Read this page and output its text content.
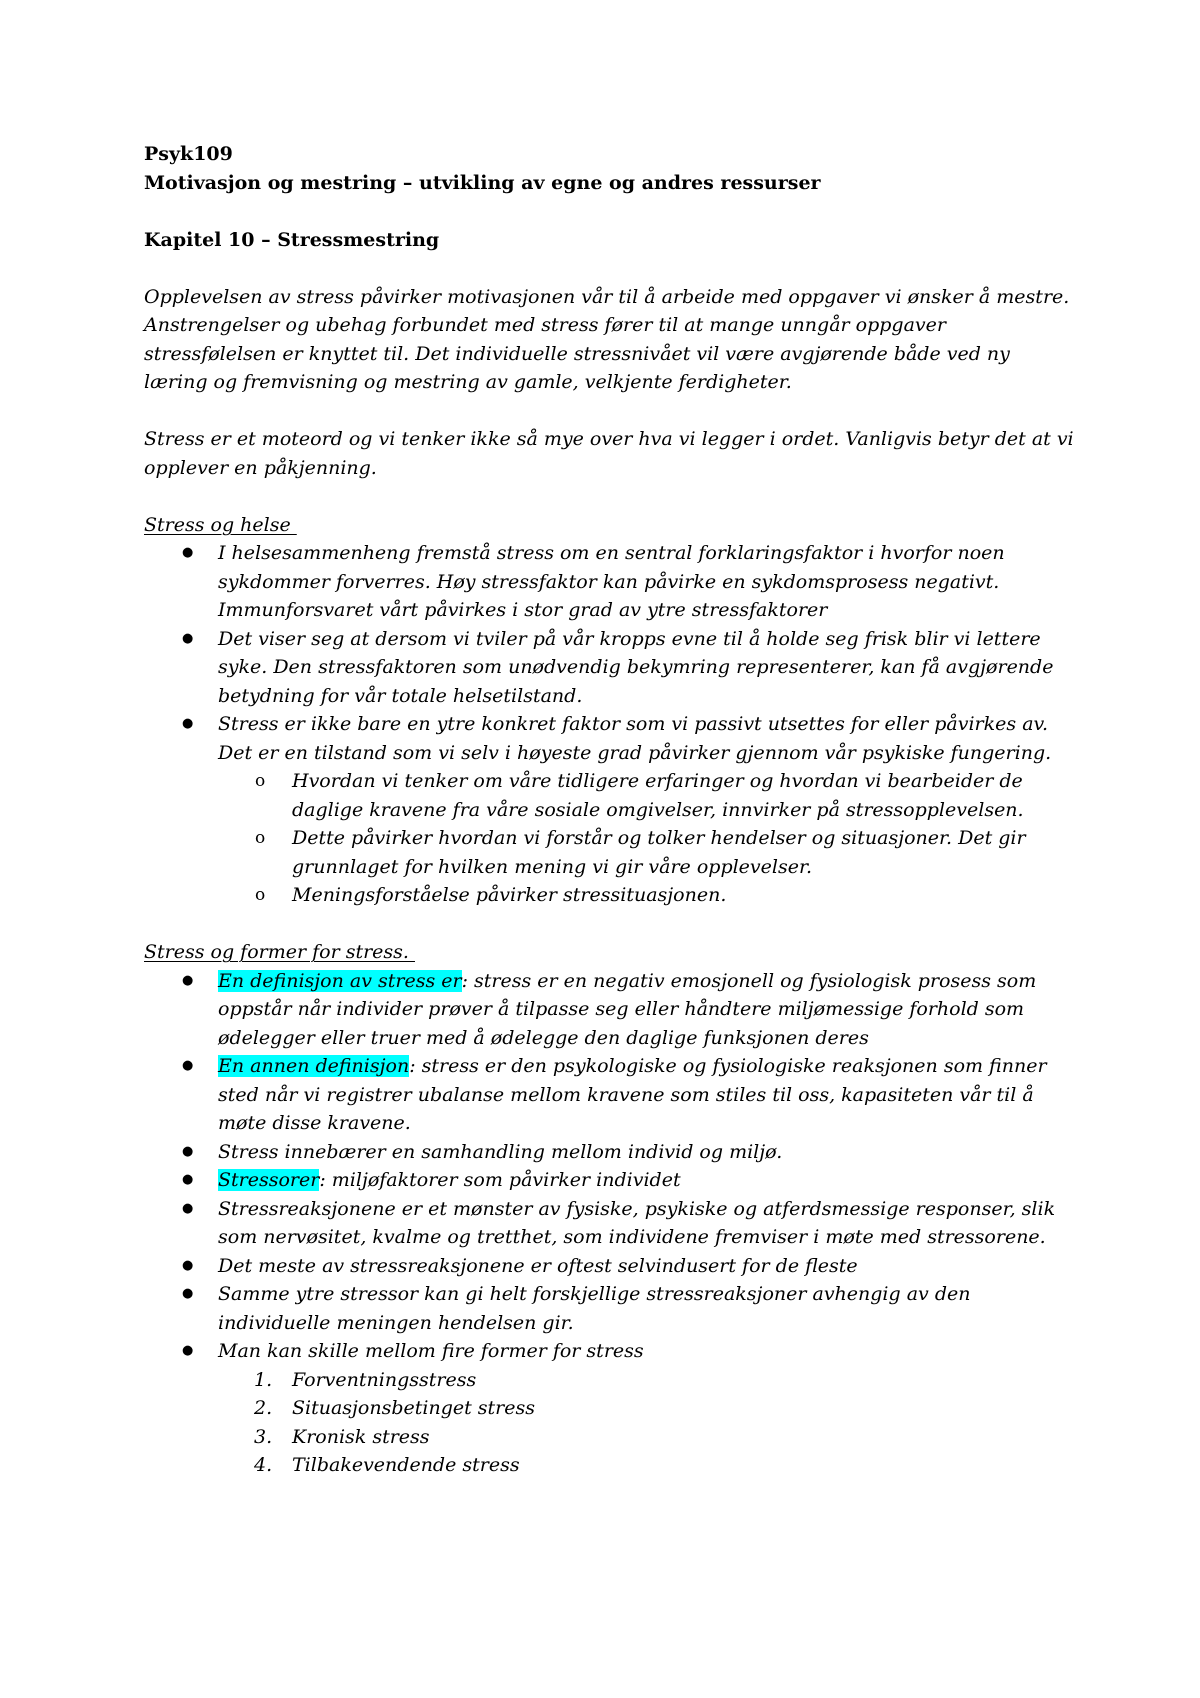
Psyk109
Motivasjon og mestring – utvikling av egne og andres ressurser
Kapitel 10 – Stressmestring

Opplevelsen av stress påvirker motivasjonen vår til å arbeide med oppgaver vi ønsker å mestre. Anstrengelser og ubehag forbundet med stress fører til at mange unngår oppgaver stressfølelsen er knyttet til. Det individuelle stressnivået vil være avgjørende både ved ny læring og fremvisning og mestring av gamle, velkjente ferdigheter.

Stress er et moteord og vi tenker ikke så mye over hva vi legger i ordet. Vanligvis betyr det at vi opplever en påkjenning.

Stress og helse
● I helsesammenheng fremstå stress om en sentral forklaringsfaktor i hvorfor noen sykdommer forverres. Høy stressfaktor kan påvirke en sykdomsprosess negativt. Immunforsvaret vårt påvirkes i stor grad av ytre stressfaktorer
● Det viser seg at dersom vi tviler på vår kropps evne til å holde seg frisk blir vi lettere syke. Den stressfaktoren som unødvendig bekymring representerer, kan få avgjørende betydning for vår totale helsetilstand.
● Stress er ikke bare en ytre konkret faktor som vi passivt utsettes for eller påvirkes av. Det er en tilstand som vi selv i høyeste grad påvirker gjennom vår psykiske fungering.
o Hvordan vi tenker om våre tidligere erfaringer og hvordan vi bearbeider de daglige kravene fra våre sosiale omgivelser, innvirker på stressopplevelsen.
o Dette påvirker hvordan vi forstår og tolker hendelser og situasjoner. Det gir grunnlaget for hvilken mening vi gir våre opplevelser.
o Meningsforståelse påvirker stressituasjonen.
Stress og former for stress.
● En definisjon av stress er: stress er en negativ emosjonell og fysiologisk prosess som oppstår når individer prøver å tilpasse seg eller håndtere miljømessige forhold som ødelegger eller truer med å ødelegge den daglige funksjonen deres
● En annen definisjon: stress er den psykologiske og fysiologiske reaksjonen som finner sted når vi registrer ubalanse mellom kravene som stiles til oss, kapasiteten vår til å møte disse kravene.
● Stress innebærer en samhandling mellom individ og miljø.
● Stressorer: miljøfaktorer som påvirker individet
● Stressreaksjonene er et mønster av fysiske, psykiske og atferdsmessige responser, slik som nervøsitet, kvalme og tretthet, som individene fremviser i møte med stressorene.
● Det meste av stressreaksjonene er oftest selvindusert for de fleste
● Samme ytre stressor kan gi helt forskjellige stressreaksjoner avhengig av den individuelle meningen hendelsen gir.
● Man kan skille mellom fire former for stress
1. Forventningsstress
2. Situasjonsbetinget stress
3. Kronisk stress
4. Tilbakevendende stress
